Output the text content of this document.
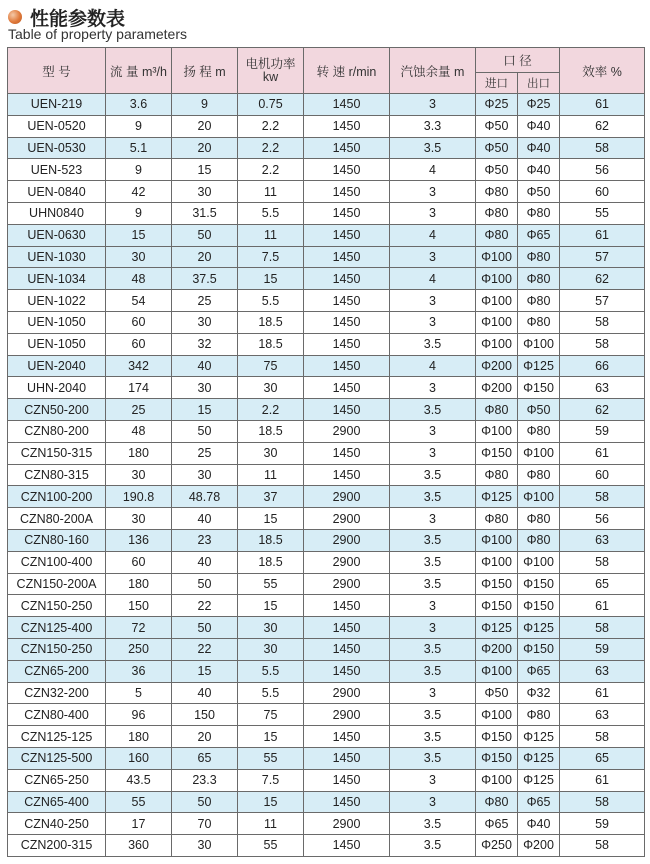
性能参数表
Table of property parameters
型 号	流 量 m³/h	扬 程 m	电机功率 kw	转 速 r/min	汽蚀余量 m	口 径		效率 %
						进口	出口	
UEN-219	3.6	9	0.75	1450	3	Φ25	Φ25	61
UEN-0520	9	20	2.2	1450	3.3	Φ50	Φ40	62
UEN-0530	5.1	20	2.2	1450	3.5	Φ50	Φ40	58
UEN-523	9	15	2.2	1450	4	Φ50	Φ40	56
UEN-0840	42	30	11	1450	3	Φ80	Φ50	60
UHN0840	9	31.5	5.5	1450	3	Φ80	Φ80	55
UEN-0630	15	50	11	1450	4	Φ80	Φ65	61
UEN-1030	30	20	7.5	1450	3	Φ100	Φ80	57
UEN-1034	48	37.5	15	1450	4	Φ100	Φ80	62
UEN-1022	54	25	5.5	1450	3	Φ100	Φ80	57
UEN-1050	60	30	18.5	1450	3	Φ100	Φ80	58
UEN-1050	60	32	18.5	1450	3.5	Φ100	Φ100	58
UEN-2040	342	40	75	1450	4	Φ200	Φ125	66
UHN-2040	174	30	30	1450	3	Φ200	Φ150	63
CZN50-200	25	15	2.2	1450	3.5	Φ80	Φ50	62
CZN80-200	48	50	18.5	2900	3	Φ100	Φ80	59
CZN150-315	180	25	30	1450	3	Φ150	Φ100	61
CZN80-315	30	30	11	1450	3.5	Φ80	Φ80	60
CZN100-200	190.8	48.78	37	2900	3.5	Φ125	Φ100	58
CZN80-200A	30	40	15	2900	3	Φ80	Φ80	56
CZN80-160	136	23	18.5	2900	3.5	Φ100	Φ80	63
CZN100-400	60	40	18.5	2900	3.5	Φ100	Φ100	58
CZN150-200A	180	50	55	2900	3.5	Φ150	Φ150	65
CZN150-250	150	22	15	1450	3	Φ150	Φ150	61
CZN125-400	72	50	30	1450	3	Φ125	Φ125	58
CZN150-250	250	22	30	1450	3.5	Φ200	Φ150	59
CZN65-200	36	15	5.5	1450	3.5	Φ100	Φ65	63
CZN32-200	5	40	5.5	2900	3	Φ50	Φ32	61
CZN80-400	96	150	75	2900	3.5	Φ100	Φ80	63
CZN125-125	180	20	15	1450	3.5	Φ150	Φ125	58
CZN125-500	160	65	55	1450	3.5	Φ150	Φ125	65
CZN65-250	43.5	23.3	7.5	1450	3	Φ100	Φ125	61
CZN65-400	55	50	15	1450	3	Φ80	Φ65	58
CZN40-250	17	70	11	2900	3.5	Φ65	Φ40	59
CZN200-315	360	30	55	1450	3.5	Φ250	Φ200	58
